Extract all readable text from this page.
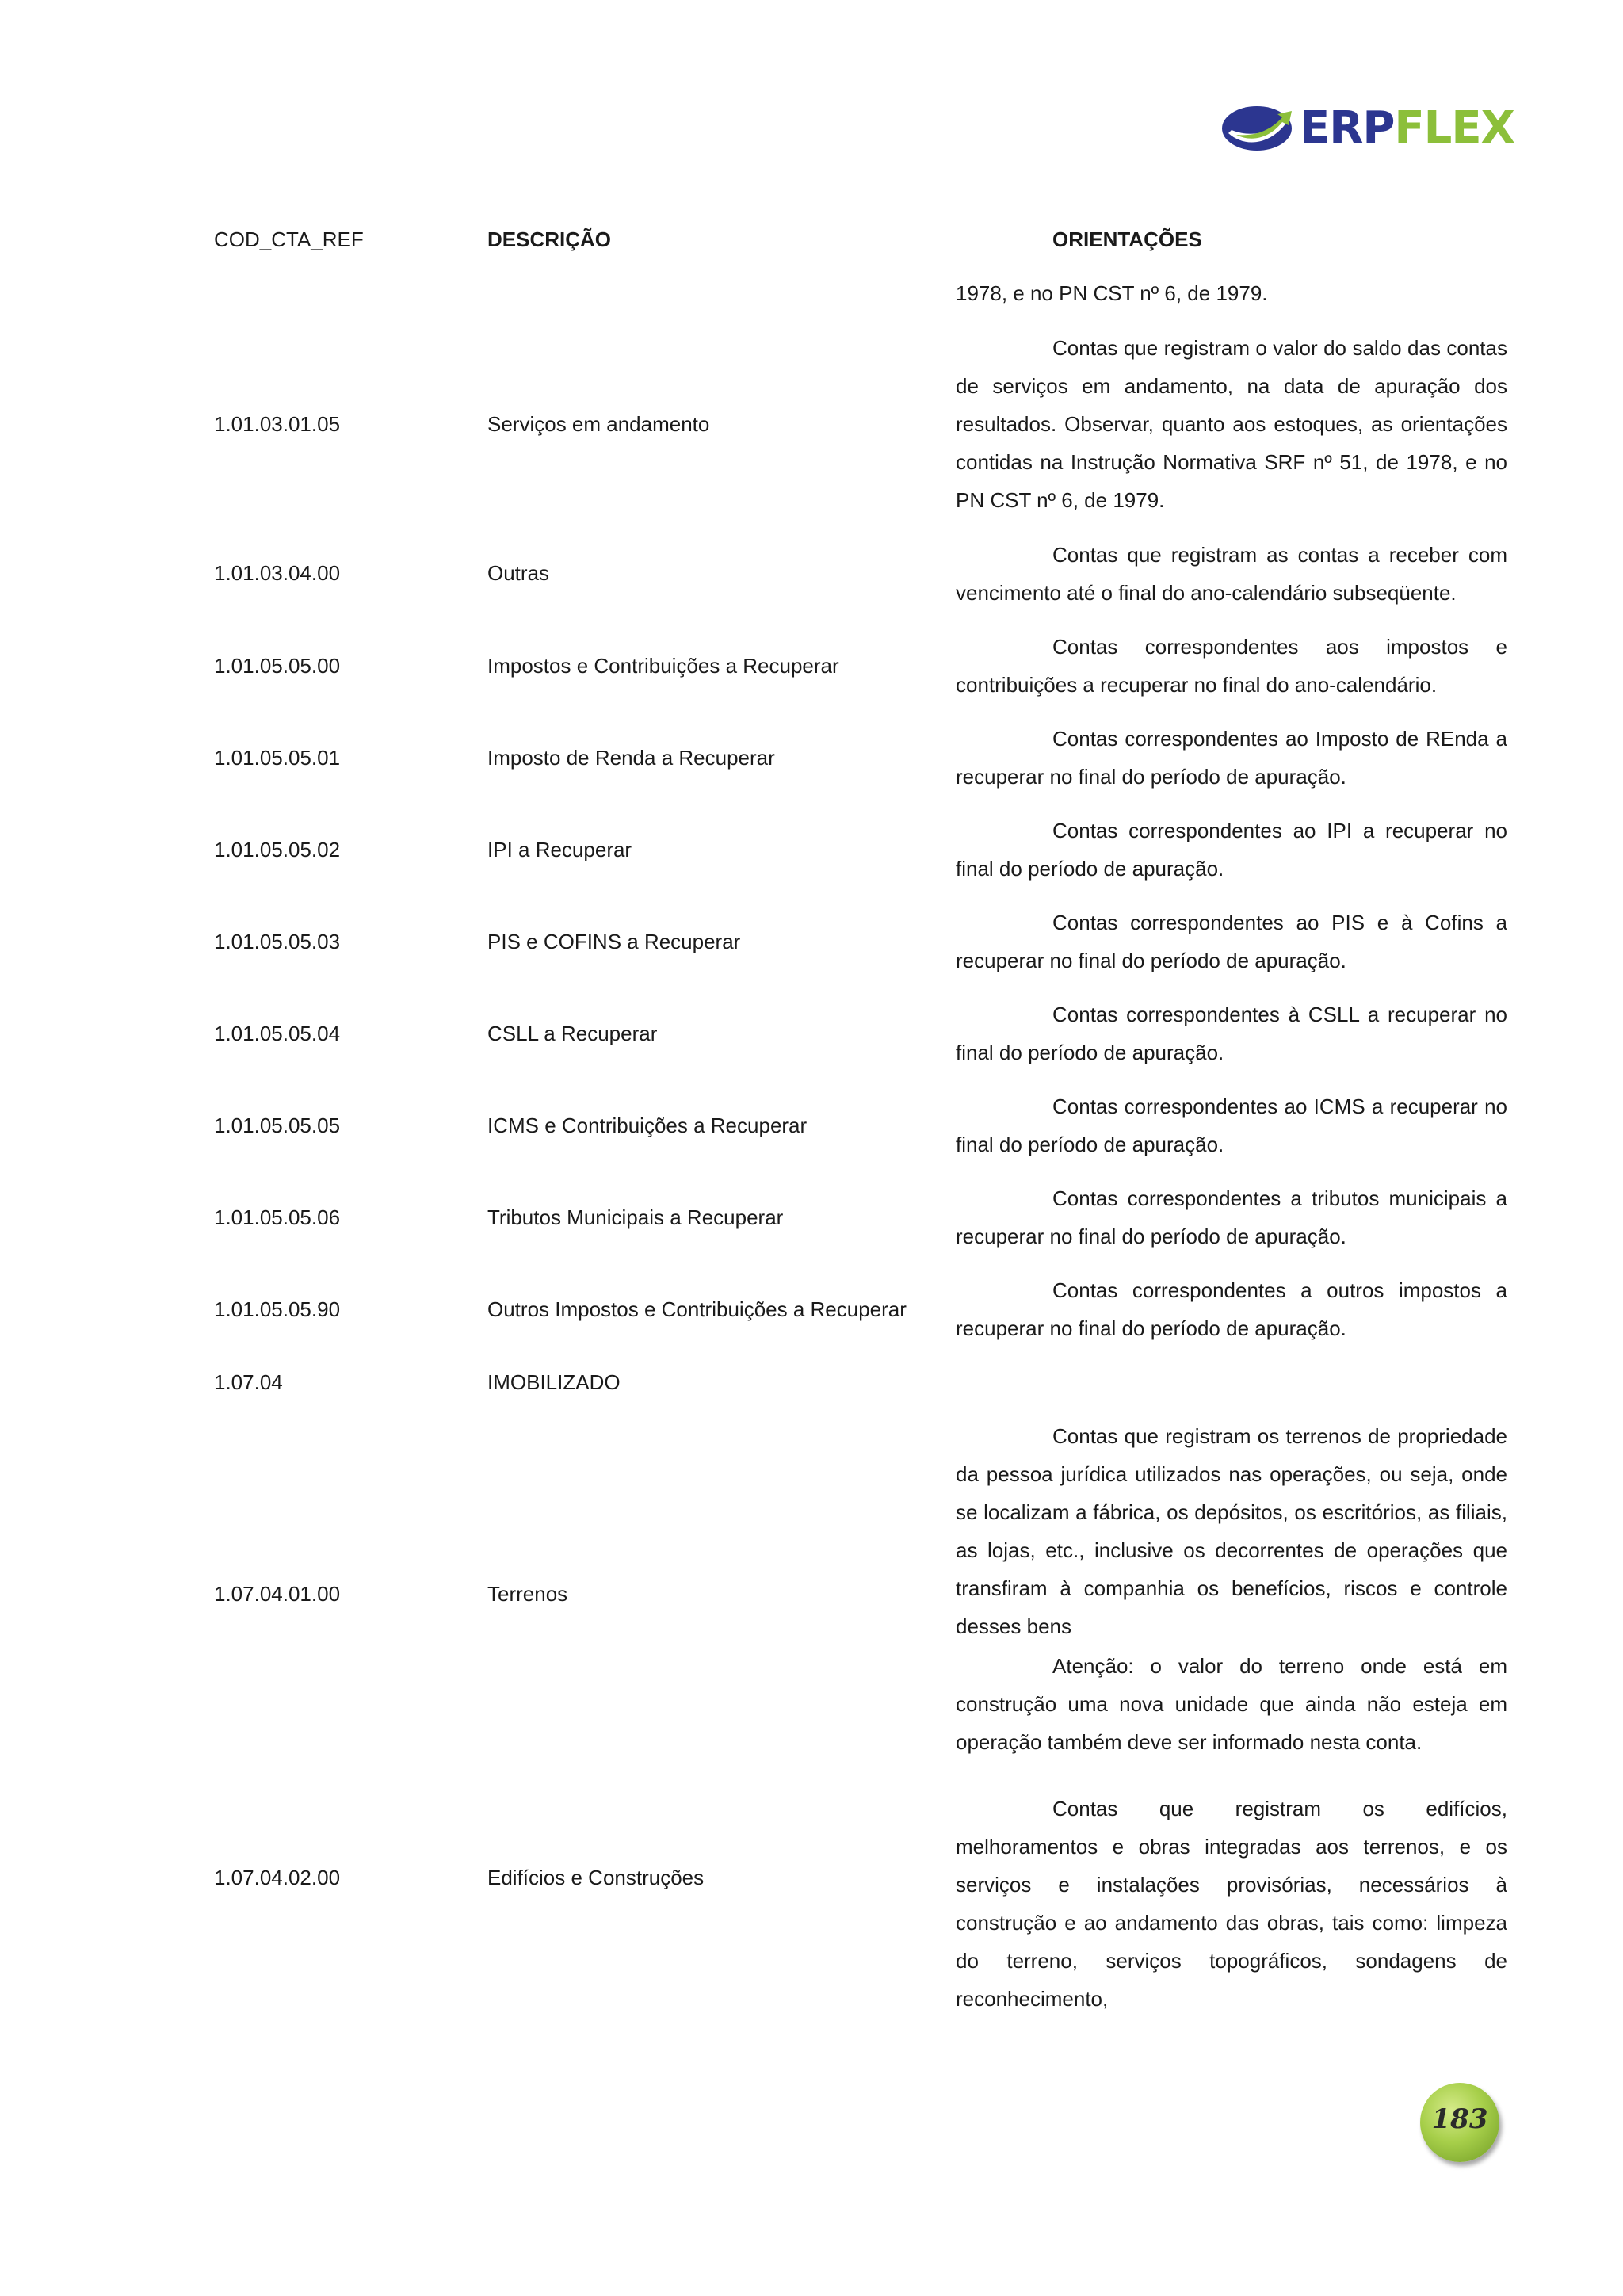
ERPFLEX
COD_CTA_REF	DESCRIÇÃO	ORIENTAÇÕES

1978, e no PN CST nº 6, de 1979.

1.01.03.01.05	Serviços em andamento

Contas que registram o valor do saldo das contas de serviços em andamento, na data de apuração dos resultados. Observar, quanto aos estoques, as orientações contidas na Instrução Normativa SRF nº 51, de 1978, e no PN CST nº 6, de 1979.

1.01.03.04.00	Outras

Contas que registram as contas a receber com vencimento até o final do ano-calendário subseqüente.

1.01.05.05.00	Impostos e Contribuições a Recuperar

Contas correspondentes aos impostos e contribuições a recuperar no final do ano-calendário.

1.01.05.05.01	Imposto de Renda a Recuperar

Contas correspondentes ao Imposto de REnda a recuperar no final do período de apuração.

1.01.05.05.02	IPI a Recuperar

Contas correspondentes ao IPI a recuperar no final do período de apuração.

1.01.05.05.03	PIS e COFINS a Recuperar

Contas correspondentes ao PIS e à Cofins a recuperar no final do período de apuração.

1.01.05.05.04	CSLL a Recuperar

Contas correspondentes à CSLL a recuperar no final do período de apuração.

1.01.05.05.05	ICMS e Contribuições a Recuperar

Contas correspondentes ao ICMS a recuperar no final do período de apuração.

1.01.05.05.06	Tributos Municipais a Recuperar

Contas correspondentes a tributos municipais a recuperar no final do período de apuração.

1.01.05.05.90	Outros Impostos e Contribuições a Recuperar

Contas correspondentes a outros impostos a recuperar no final do período de apuração.

1.07.04	IMOBILIZADO
1.07.04.01.00	Terrenos

Contas que registram os terrenos de propriedade da pessoa jurídica utilizados nas operações, ou seja, onde se localizam a fábrica, os depósitos, os escritórios, as filiais, as lojas, etc., inclusive os decorrentes de operações que transfiram à companhia os benefícios, riscos e controle desses bens

Atenção: o valor do terreno onde está em construção uma nova unidade que ainda não esteja em operação também deve ser informado nesta conta.

1.07.04.02.00	Edifícios e Construções

Contas que registram os edifícios, melhoramentos e obras integradas aos terrenos, e os serviços e instalações provisórias, necessários à construção e ao andamento das obras, tais como: limpeza do terreno, serviços topográficos, sondagens de reconhecimento,

183
